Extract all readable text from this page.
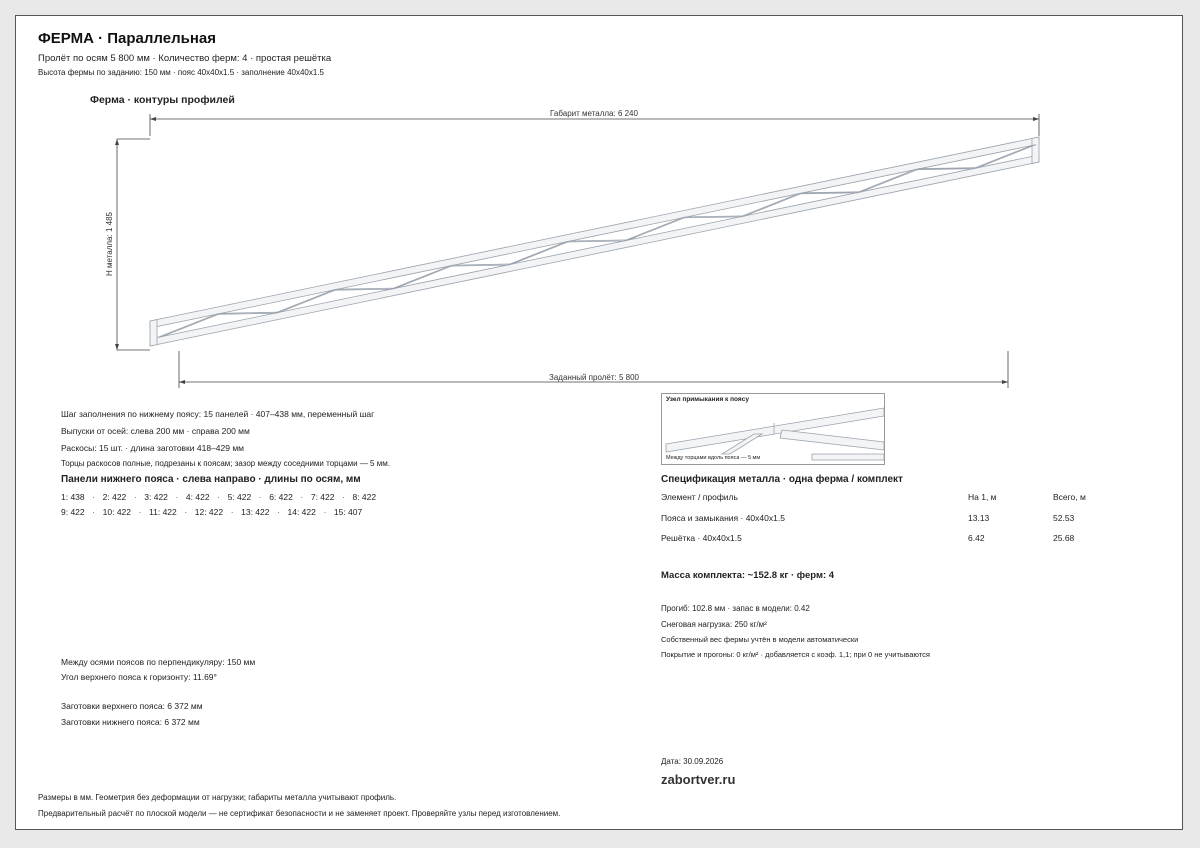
ФЕРМА · Параллельная
Пролёт по осям 5 800 мм · Количество ферм: 4 · простая решётка
Высота фермы по заданию: 150 мм · пояс 40x40x1.5 · заполнение 40x40x1.5
Ферма · контуры профилей
Габарит металла: 6 240
Заданный пролёт: 5 800
H металла: 1 485
Узел примыкания к поясу
Между торцами вдоль пояса — 5 мм
Шаг заполнения по нижнему поясу: 15 панелей · 407–438 мм, переменный шаг
Выпуски от осей: слева 200 мм · справа 200 мм
Раскосы: 15 шт. · длина заготовки 418–429 мм
Торцы раскосов полные, подрезаны к поясам; зазор между соседними торцами — 5 мм.
Панели нижнего пояса · слева направо · длины по осям, мм
1: 438 · 2: 422 · 3: 422 · 4: 422 · 5: 422 · 6: 422 · 7: 422 · 8: 422
9: 422 · 10: 422 · 11: 422 · 12: 422 · 13: 422 · 14: 422 · 15: 407
Между осями поясов по перпендикуляру: 150 мм
Угол верхнего пояса к горизонту: 11.69°
Заготовки верхнего пояса: 6 372 мм
Заготовки нижнего пояса: 6 372 мм
Спецификация металла · одна ферма / комплект
Элемент / профиль	На 1, м	Всего, м
Пояса и замыкания · 40x40x1.5	13.13	52.53
Решётка · 40x40x1.5	6.42	25.68
Масса комплекта: ~152.8 кг · ферм: 4
Прогиб: 102.8 мм · запас в модели: 0.42
Снеговая нагрузка: 250 кг/м²
Собственный вес фермы учтён в модели автоматически
Покрытие и прогоны: 0 кг/м² · добавляется с коэф. 1,1; при 0 не учитываются
Дата: 30.09.2026
zabortver.ru
Размеры в мм. Геометрия без деформации от нагрузки; габариты металла учитывают профиль.
Предварительный расчёт по плоской модели — не сертификат безопасности и не заменяет проект. Проверяйте узлы перед изготовлением.
